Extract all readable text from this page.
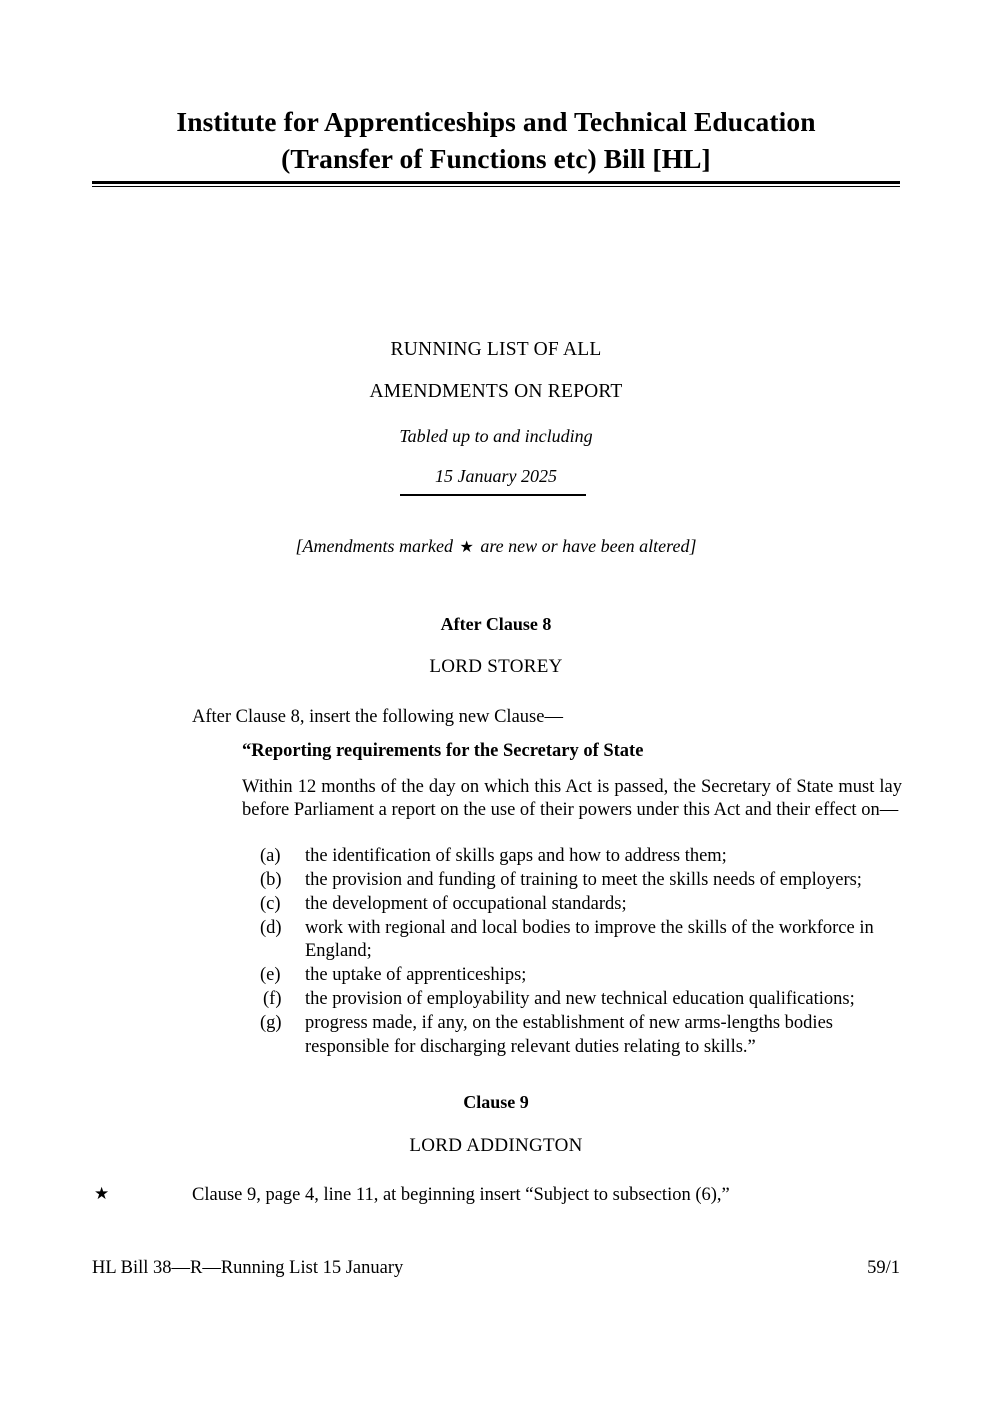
Institute for Apprenticeships and Technical Education
(Transfer of Functions etc) Bill [HL]
RUNNING LIST OF ALL
AMENDMENTS ON REPORT
Tabled up to and including
15 January 2025
[Amendments marked ★ are new or have been altered]
After Clause 8
LORD STOREY
After Clause 8, insert the following new Clause—
“Reporting requirements for the Secretary of State
Within 12 months of the day on which this Act is passed, the Secretary of State must lay before Parliament a report on the use of their powers under this Act and their effect on—
(a)	the identification of skills gaps and how to address them;
(b)	the provision and funding of training to meet the skills needs of employers;
(c)	the development of occupational standards;
(d)	work with regional and local bodies to improve the skills of the workforce in England;
(e)	the uptake of apprenticeships;
(f)	the provision of employability and new technical education qualifications;
(g)	progress made, if any, on the establishment of new arms-lengths bodies responsible for discharging relevant duties relating to skills.”
Clause 9
LORD ADDINGTON
★	Clause 9, page 4, line 11, at beginning insert “Subject to subsection (6),”
HL Bill 38—R—Running List 15 January	59/1
